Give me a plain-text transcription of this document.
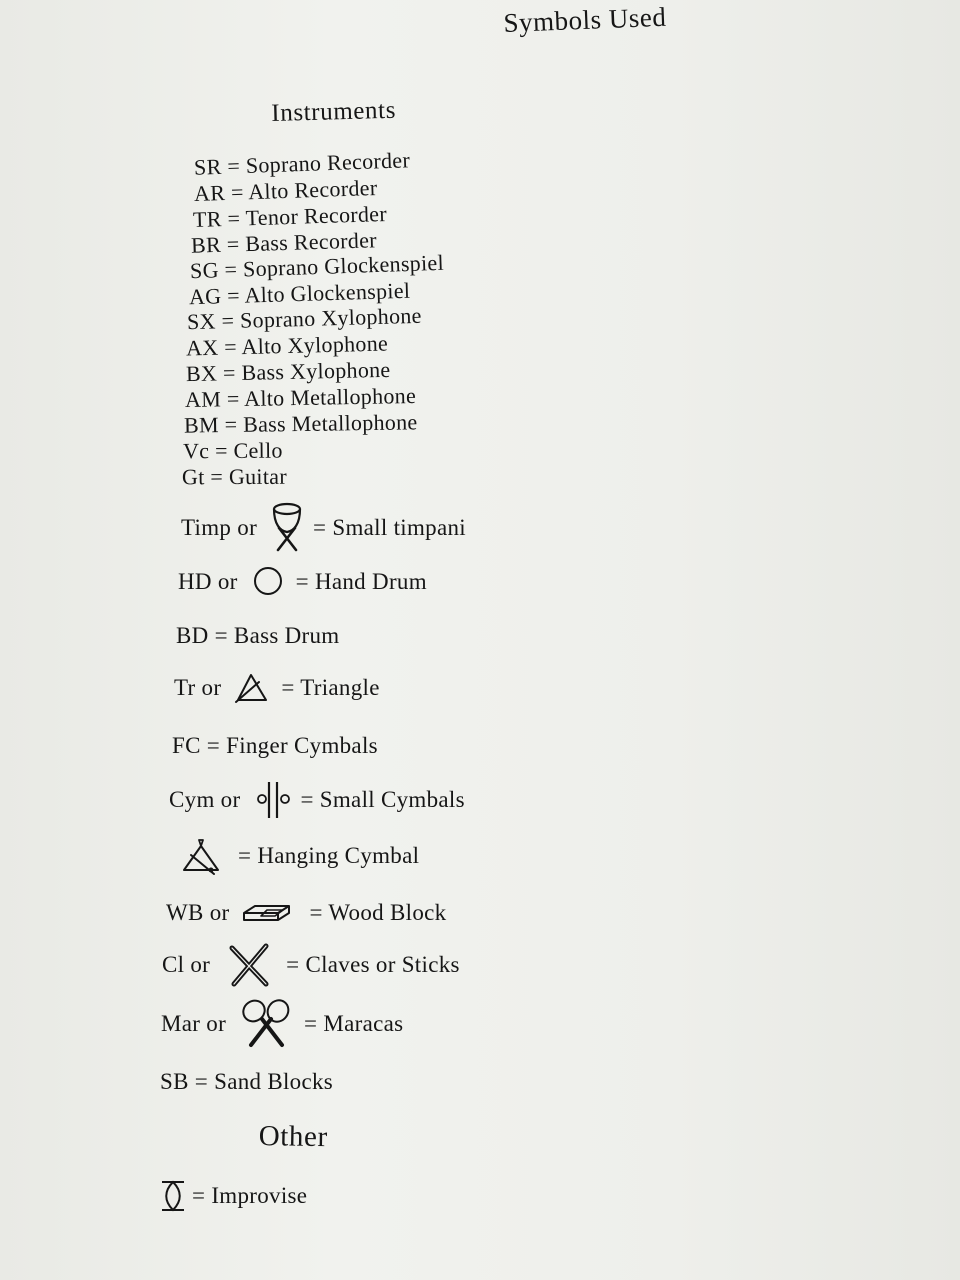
Symbols Used
Instruments
SR = Soprano Recorder
AR = Alto Recorder
TR = Tenor Recorder
BR = Bass Recorder
SG = Soprano Glockenspiel
AG = Alto Glockenspiel
SX = Soprano Xylophone
AX = Alto Xylophone
BX = Bass Xylophone
AM = Alto Metallophone
BM = Bass Metallophone
Vc = Cello
Gt = Guitar
Timp or = Small timpani
HD or	= Hand Drum
BD = Bass Drum
Tr or	= Triangle
FC = Finger Cymbals
Cym or	= Small Cymbals
= Hanging Cymbal
WB or	= Wood Block
Cl or	= Claves or Sticks
Mar or	= Maracas
SB = Sand Blocks
Other
= Improvise
